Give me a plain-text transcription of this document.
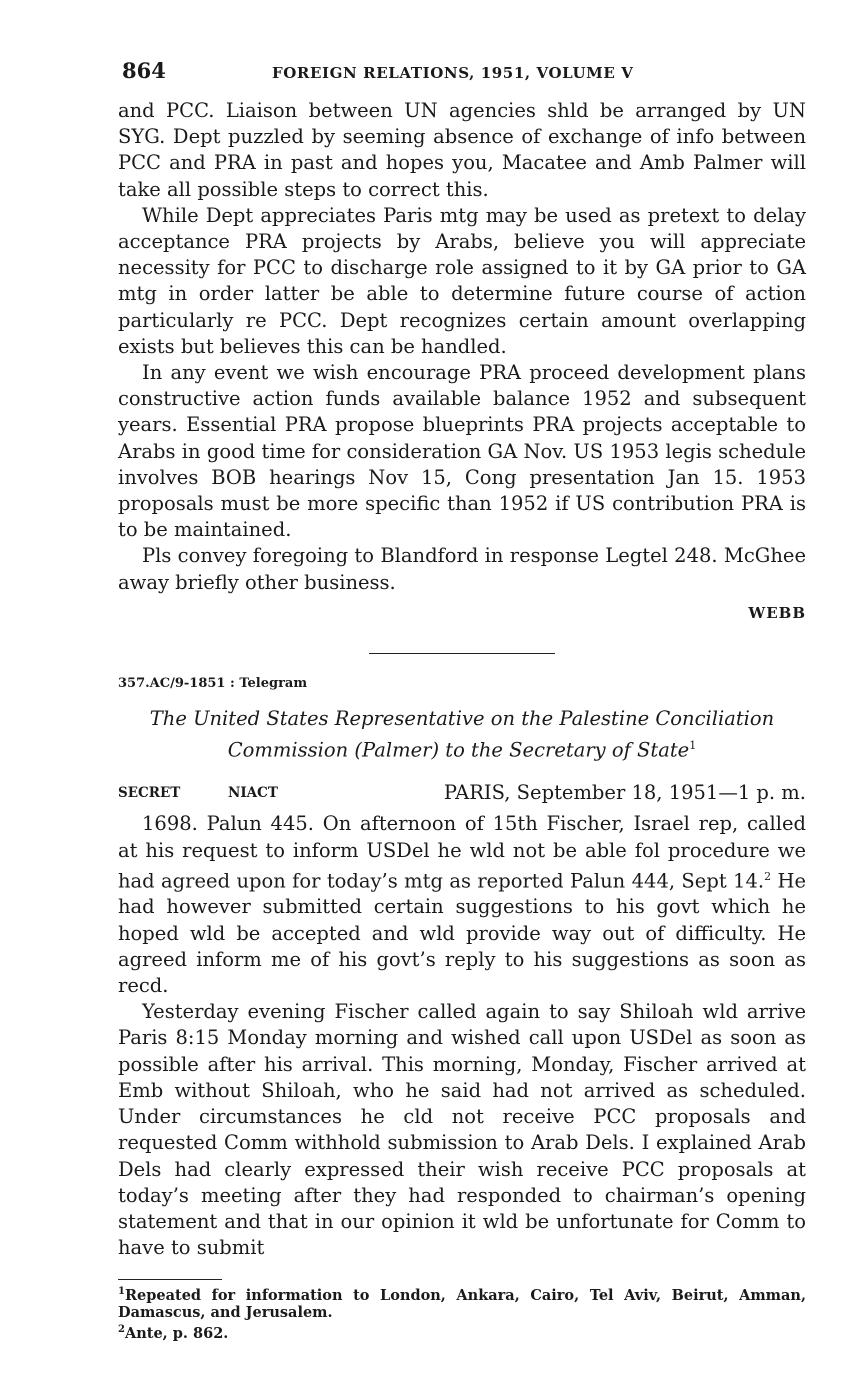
864	FOREIGN RELATIONS, 1951, VOLUME V

and PCC. Liaison between UN agencies shld be arranged by UN SYG. Dept puzzled by seeming absence of exchange of info between PCC and PRA in past and hopes you, Macatee and Amb Palmer will take all possible steps to correct this.

While Dept appreciates Paris mtg may be used as pretext to delay acceptance PRA projects by Arabs, believe you will appreciate necessity for PCC to discharge role assigned to it by GA prior to GA mtg in order latter be able to determine future course of action particularly re PCC. Dept recognizes certain amount overlapping exists but believes this can be handled.

In any event we wish encourage PRA proceed development plans constructive action funds available balance 1952 and subsequent years. Essential PRA propose blueprints PRA projects acceptable to Arabs in good time for consideration GA Nov. US 1953 legis schedule involves BOB hearings Nov 15, Cong presentation Jan 15. 1953 proposals must be more specific than 1952 if US contribution PRA is to be maintained.

Pls convey foregoing to Blandford in response Legtel 248. McGhee away briefly other business.

WEBB
357.AC/9-1851 : Telegram
The United States Representative on the Palestine Conciliation Commission (Palmer) to the Secretary of State$^1$
SECRET	NIACT	PARIS, September 18, 1951—1 p. m.

1698. Palun 445. On afternoon of 15th Fischer, Israel rep, called at his request to inform USDel he wld not be able fol procedure we had agreed upon for today’s mtg as reported Palun 444, Sept 14.$^2$ He had however submitted certain suggestions to his govt which he hoped wld be accepted and wld provide way out of difficulty. He agreed inform me of his govt’s reply to his suggestions as soon as recd.

Yesterday evening Fischer called again to say Shiloah wld arrive Paris 8:15 Monday morning and wished call upon USDel as soon as possible after his arrival. This morning, Monday, Fischer arrived at Emb without Shiloah, who he said had not arrived as scheduled. Under circumstances he cld not receive PCC proposals and requested Comm withhold submission to Arab Dels. I explained Arab Dels had clearly expressed their wish receive PCC proposals at today’s meeting after they had responded to chairman’s opening statement and that in our opinion it wld be unfortunate for Comm to have to submit

$^1$Repeated for information to London, Ankara, Cairo, Tel Aviv, Beirut, Amman, Damascus, and Jerusalem.

$^2$Ante, p. 862.
